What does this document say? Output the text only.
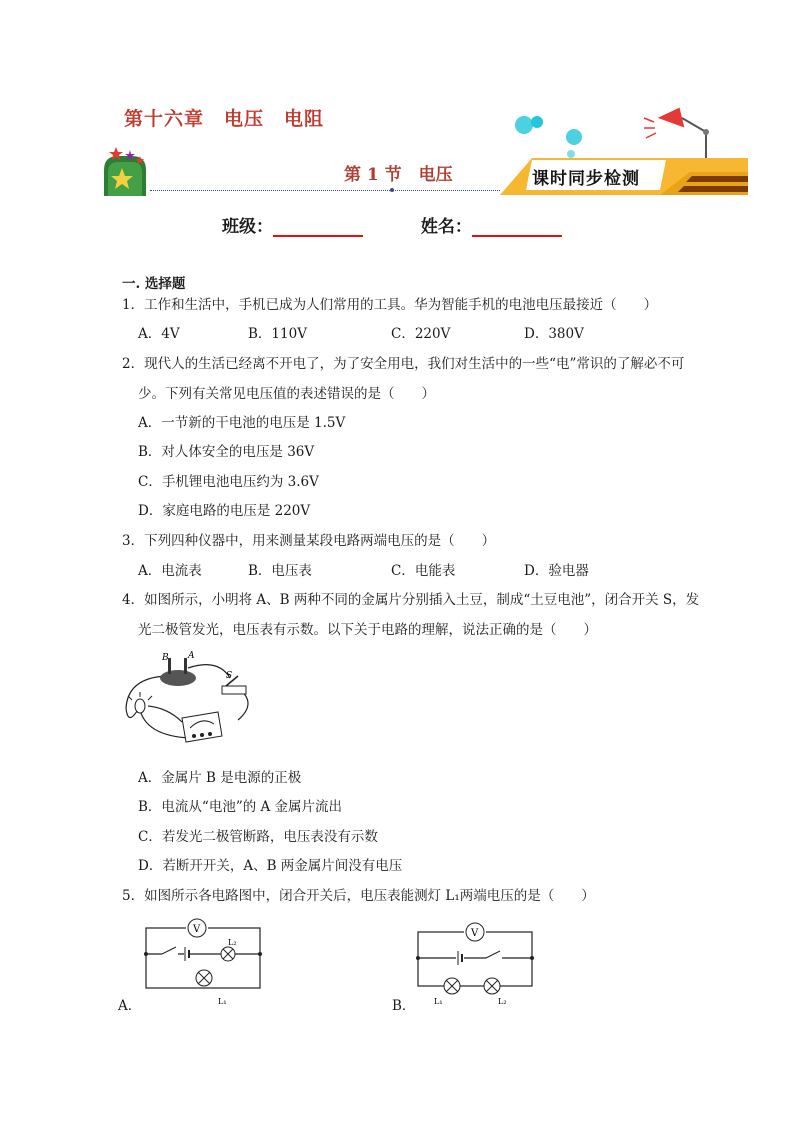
第十六章　电压　电阻
第 1 节　电压	课时同步检测
班级：	姓名：
一. 选择题
1．工作和生活中，手机已成为人们常用的工具。华为智能手机的电池电压最接近（　　）
A．4V	B．110V	C．220V	D．380V
2．现代人的生活已经离不开电了，为了安全用电，我们对生活中的一些“电”常识的了解必不可
少。下列有关常见电压值的表述错误的是（　　）
A．一节新的干电池的电压是 1.5V
B．对人体安全的电压是 36V
C．手机锂电池电压约为 3.6V
D．家庭电路的电压是 220V
3．下列四种仪器中，用来测量某段电路两端电压的是（　　）
A．电流表	B．电压表	C．电能表	D．验电器
4．如图所示，小明将 A、B 两种不同的金属片分别插入土豆，制成“土豆电池”，闭合开关 S，发
光二极管发光，电压表有示数。以下关于电路的理解，说法正确的是（　　）
B A
S
A．金属片 B 是电源的正极
B．电流从“电池”的 A 金属片流出
C．若发光二极管断路，电压表没有示数
D．若断开开关，A、B 两金属片间没有电压
5．如图所示各电路图中，闭合开关后，电压表能测灯 L₁两端电压的是（　　）
V
L₂
L₁
A．
V
L₁	L₂
B．
